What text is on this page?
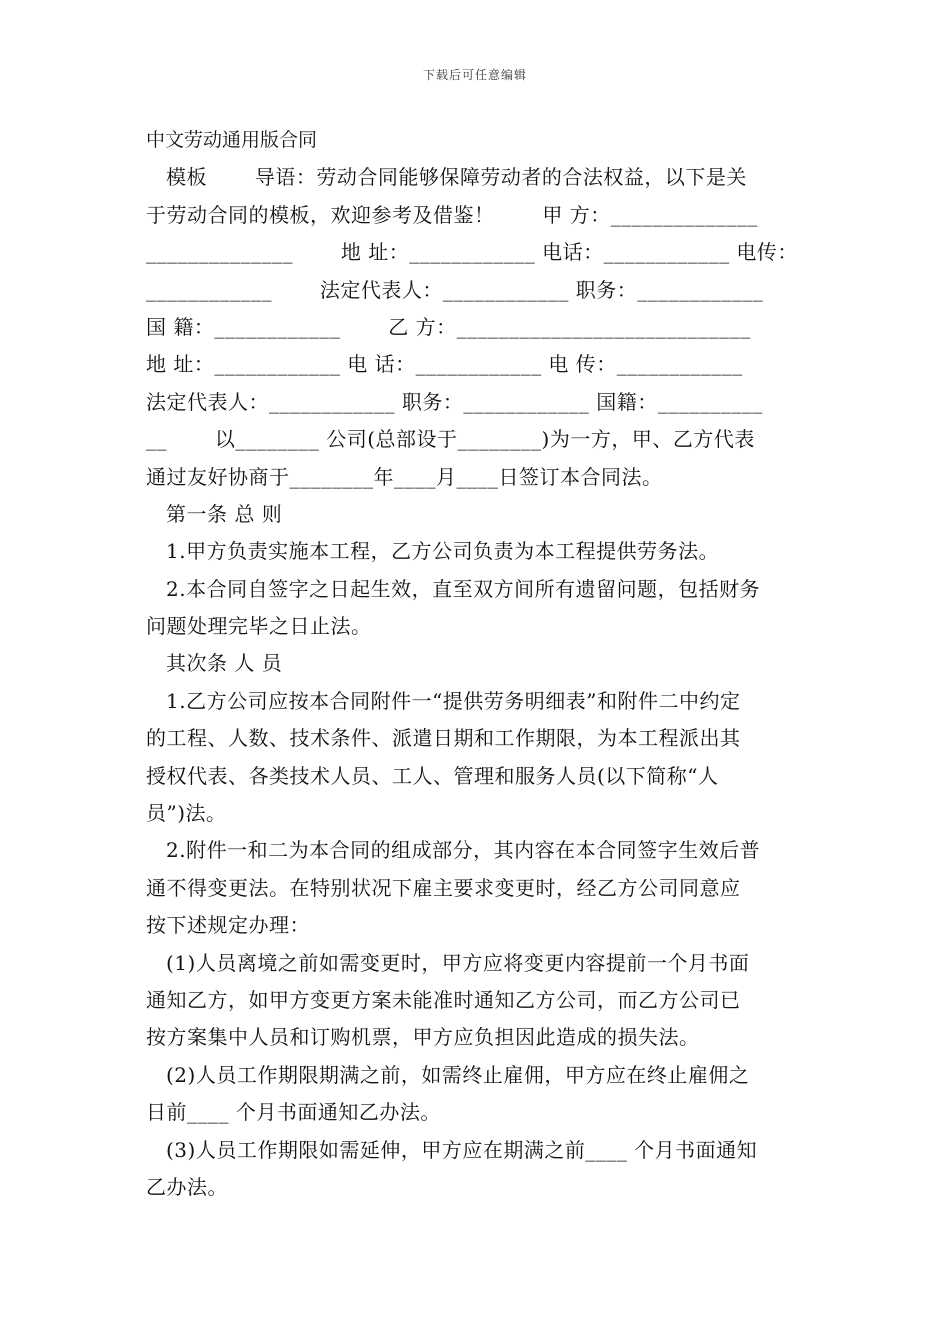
下载后可任意编辑
中文劳动通用版合同
模板　　 导语：劳动合同能够保障劳动者的合法权益，以下是关
于劳动合同的模板，欢迎参考及借鉴！　　 甲 方：______________
______________　　 地 址：____________ 电话：____________ 电传：
____________　　 法定代表人：____________ 职务：____________
国 籍：____________　　 乙 方：____________________________
地 址：____________ 电 话：____________ 电 传：____________
法定代表人：____________ 职务：____________ 国籍：__________
__　　 以________ 公司(总部设于________)为一方，甲、乙方代表
通过友好协商于________年____月____日签订本合同法。
第一条 总 则
1.甲方负责实施本工程，乙方公司负责为本工程提供劳务法。
2.本合同自签字之日起生效，直至双方间所有遗留问题，包括财务
问题处理完毕之日止法。
其次条 人 员
1.乙方公司应按本合同附件一“提供劳务明细表”和附件二中约定
的工程、人数、技术条件、派遣日期和工作期限，为本工程派出其
授权代表、各类技术人员、工人、管理和服务人员(以下简称“人
员”)法。
2.附件一和二为本合同的组成部分，其内容在本合同签字生效后普
通不得变更法。在特别状况下雇主要求变更时，经乙方公司同意应
按下述规定办理：
(1)人员离境之前如需变更时，甲方应将变更内容提前一个月书面
通知乙方，如甲方变更方案未能准时通知乙方公司，而乙方公司已
按方案集中人员和订购机票，甲方应负担因此造成的损失法。
(2)人员工作期限期满之前，如需终止雇佣，甲方应在终止雇佣之
日前____ 个月书面通知乙办法。
(3)人员工作期限如需延伸，甲方应在期满之前____ 个月书面通知
乙办法。
